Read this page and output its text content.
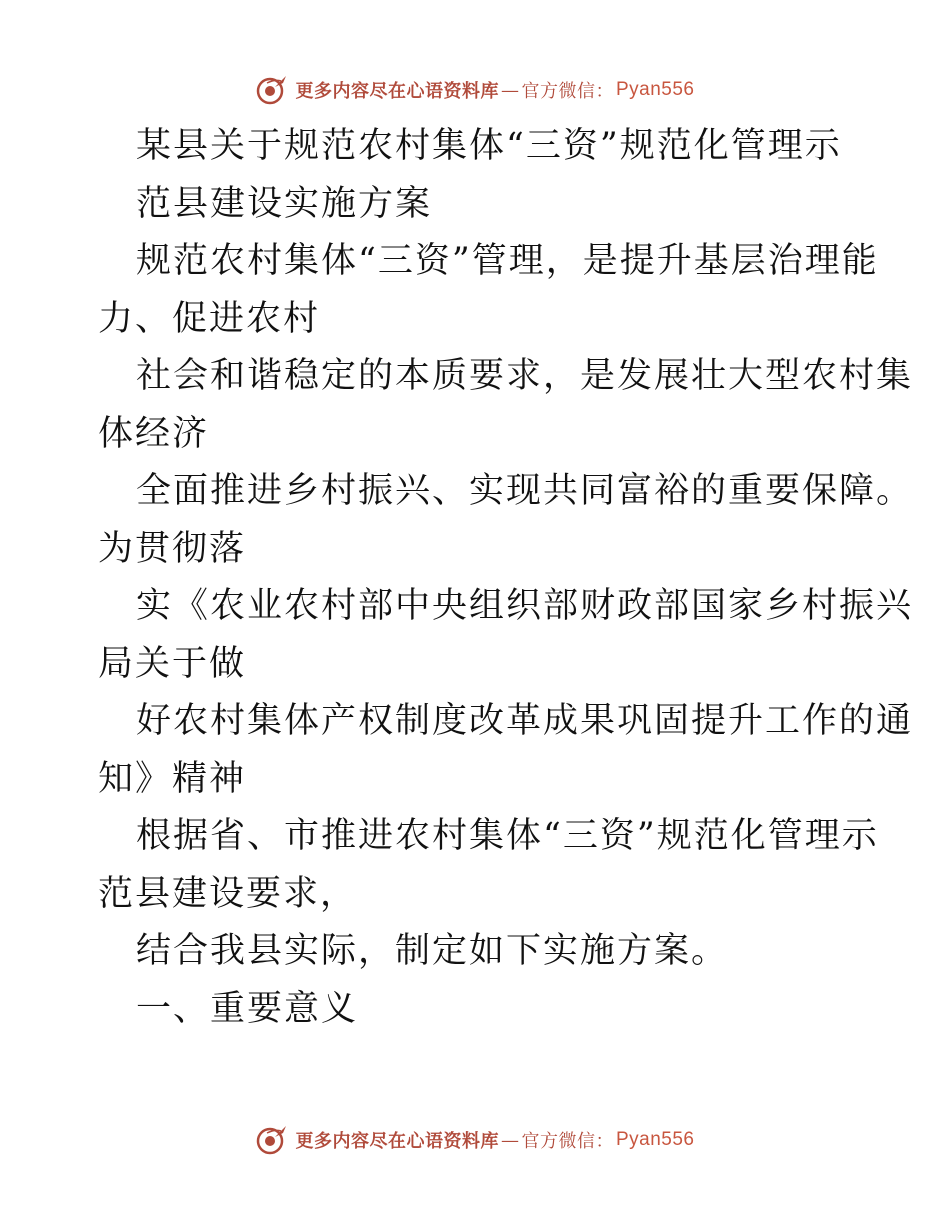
更多内容尽在心语资料库 — 官方微信： Pyan556
某县关于规范农村集体“三资”规范化管理示
范县建设实施方案
规范农村集体“三资”管理，是提升基层治理能
力、促进农村
社会和谐稳定的本质要求，是发展壮大型农村集
体经济
全面推进乡村振兴、实现共同富裕的重要保障。
为贯彻落
实《农业农村部中央组织部财政部国家乡村振兴
局关于做
好农村集体产权制度改革成果巩固提升工作的通
知》精神
根据省、市推进农村集体“三资”规范化管理示
范县建设要求，
结合我县实际，制定如下实施方案。
一、重要意义
更多内容尽在心语资料库 — 官方微信： Pyan556
